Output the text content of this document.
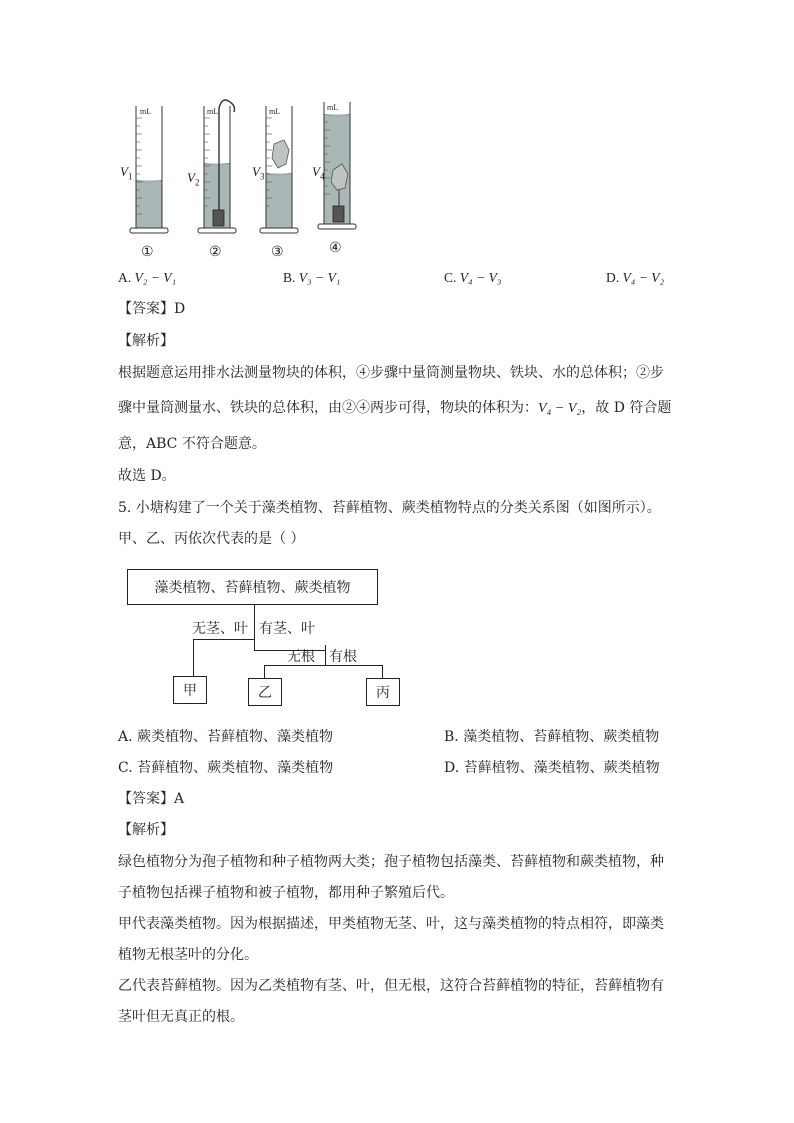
mL	mL	mL	mL
$V_1$	$V_2$
$V_3$	$V_4$
①	②	③	④
A. V₂ − V₁	B. V₃ − V₁	C. V₄ − V₃	D. V₄ − V₂
【答案】D
【解析】
根据题意运用排水法测量物块的体积，④步骤中量筒测量物块、铁块、水的总体积；②步
骤中量筒测量水、铁块的总体积，由②④两步可得，物块的体积为：V₄ − V₂，故 D 符合题
意，ABC 不符合题意。
故选 D。
5. 小塘构建了一个关于藻类植物、苔藓植物、蕨类植物特点的分类关系图（如图所示）。
甲、乙、丙依次代表的是（ ）
藻类植物、苔藓植物、蕨类植物
无茎、叶 有茎、叶
无根 有根
甲	乙	丙
A. 蕨类植物、苔藓植物、藻类植物	B. 藻类植物、苔藓植物、蕨类植物
C. 苔藓植物、蕨类植物、藻类植物	D. 苔藓植物、藻类植物、蕨类植物
【答案】A
【解析】
绿色植物分为孢子植物和种子植物两大类；孢子植物包括藻类、苔藓植物和蕨类植物，种
子植物包括裸子植物和被子植物，都用种子繁殖后代。
甲代表藻类植物。因为根据描述，甲类植物无茎、叶，这与藻类植物的特点相符，即藻类
植物无根茎叶的分化。
乙代表苔藓植物。因为乙类植物有茎、叶，但无根，这符合苔藓植物的特征，苔藓植物有
茎叶但无真正的根。
